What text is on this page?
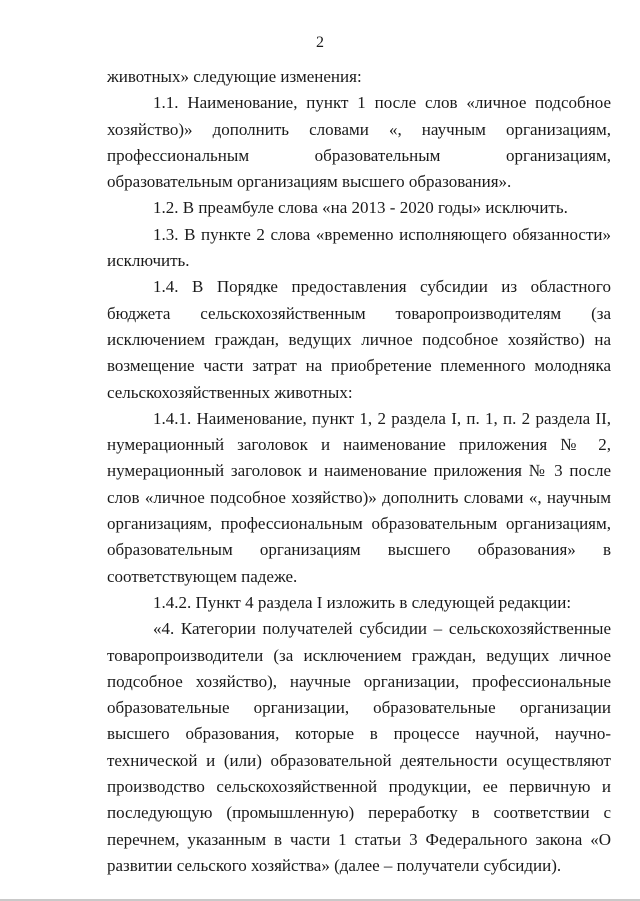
2

животных» следующие изменения:

1.1. Наименование, пункт 1 после слов «личное подсобное хозяйство)» дополнить словами «, научным организациям, профессиональным образовательным организациям, образовательным организациям высшего образования».

1.2. В преамбуле слова «на 2013 - 2020 годы» исключить.

1.3. В пункте 2 слова «временно исполняющего обязанности» исключить.

1.4. В Порядке предоставления субсидии из областного бюджета сельскохозяйственным товаропроизводителям (за исключением граждан, ведущих личное подсобное хозяйство) на возмещение части затрат на приобретение племенного молодняка сельскохозяйственных животных:

1.4.1. Наименование, пункт 1, 2 раздела I, п. 1, п. 2 раздела II, нумерационный заголовок и наименование приложения № 2, нумерационный заголовок и наименование приложения № 3 после слов «личное подсобное хозяйство)» дополнить словами «, научным организациям, профессиональным образовательным организациям, образовательным организациям высшего образования» в соответствующем падеже.

1.4.2. Пункт 4 раздела I изложить в следующей редакции:

«4. Категории получателей субсидии – сельскохозяйственные товаропроизводители (за исключением граждан, ведущих личное подсобное хозяйство), научные организации, профессиональные образовательные организации, образовательные организации высшего образования, которые в процессе научной, научно-технической и (или) образовательной деятельности осуществляют производство сельскохозяйственной продукции, ее первичную и последующую (промышленную) переработку в соответствии с перечнем, указанным в части 1 статьи 3 Федерального закона «О развитии сельского хозяйства» (далее – получатели субсидии).
